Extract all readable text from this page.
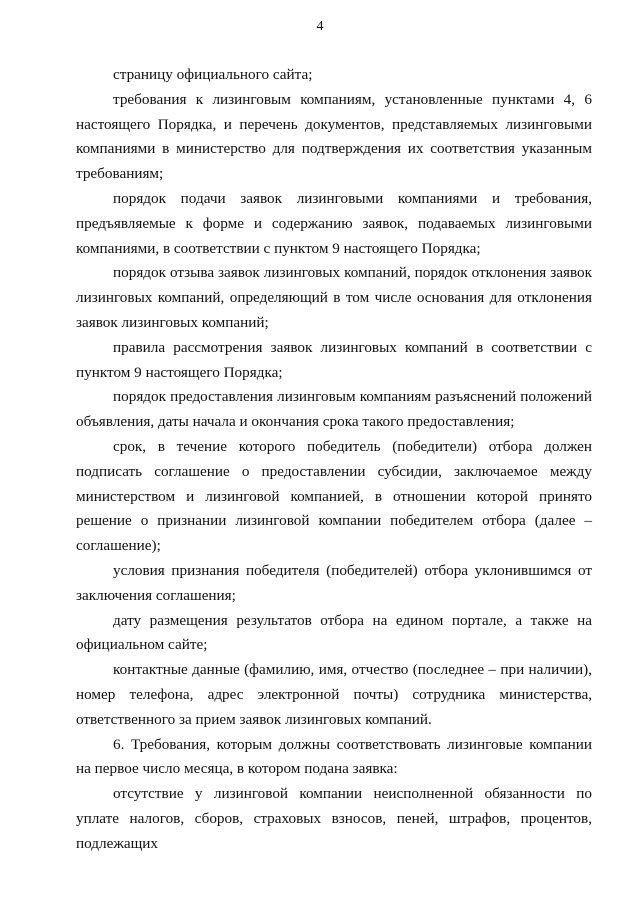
4

страницу официального сайта;

требования к лизинговым компаниям, установленные пунктами 4, 6 настоящего Порядка, и перечень документов, представляемых лизинговыми компаниями в министерство для подтверждения их соответствия указанным требованиям;

порядок подачи заявок лизинговыми компаниями и требования, предъявляемые к форме и содержанию заявок, подаваемых лизинговыми компаниями, в соответствии с пунктом 9 настоящего Порядка;

порядок отзыва заявок лизинговых компаний, порядок отклонения заявок лизинговых компаний, определяющий в том числе основания для отклонения заявок лизинговых компаний;

правила рассмотрения заявок лизинговых компаний в соответствии с пунктом 9 настоящего Порядка;

порядок предоставления лизинговым компаниям разъяснений положений объявления, даты начала и окончания срока такого предоставления;

срок, в течение которого победитель (победители) отбора должен подписать соглашение о предоставлении субсидии, заключаемое между министерством и лизинговой компанией, в отношении которой принято решение о признании лизинговой компании победителем отбора (далее – соглашение);

условия признания победителя (победителей) отбора уклонившимся от заключения соглашения;

дату размещения результатов отбора на едином портале, а также на официальном сайте;

контактные данные (фамилию, имя, отчество (последнее – при наличии), номер телефона, адрес электронной почты) сотрудника министерства, ответственного за прием заявок лизинговых компаний.

6. Требования, которым должны соответствовать лизинговые компании на первое число месяца, в котором подана заявка:

отсутствие у лизинговой компании неисполненной обязанности по уплате налогов, сборов, страховых взносов, пеней, штрафов, процентов, подлежащих
